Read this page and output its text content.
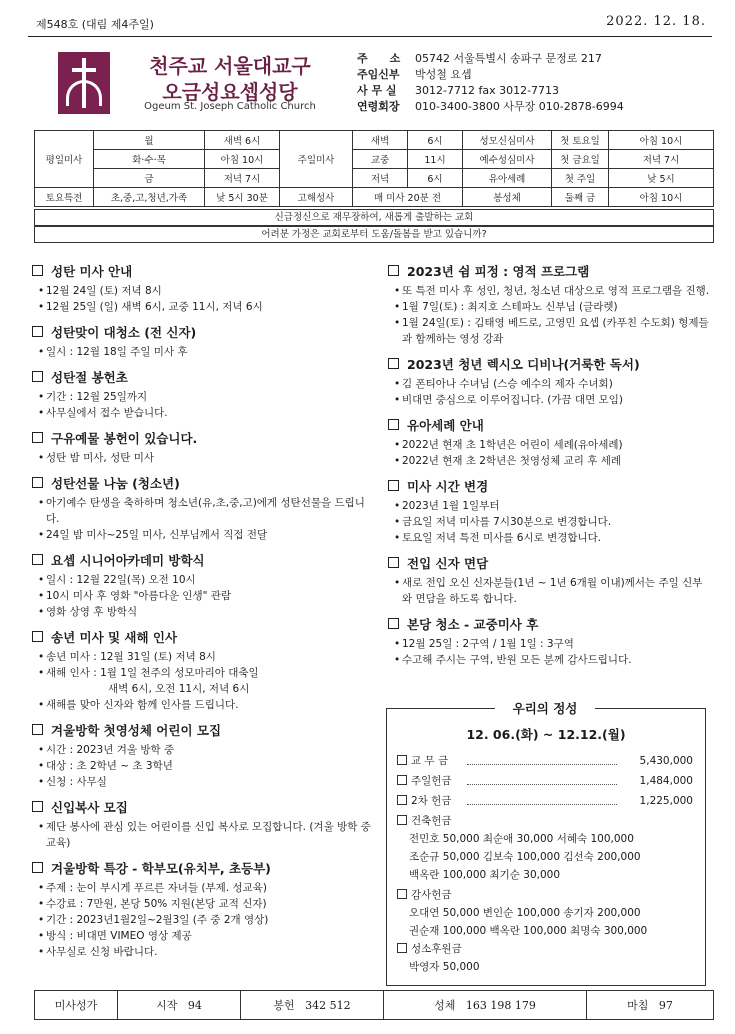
제548호 (대림 제4주일)	2022. 12. 18.
천주교 서울대교구
오금성요셉성당
Ogeum St. Joseph Catholic Church
주　　소 05742 서울특별시 송파구 문정로 217
주임신부 박성철 요셉
사 무 실 3012-7712 fax 3012-7713
연령회장 010-3400-3800 사무장 010-2878-6994
평일미사	월	새벽 6시	주일미사	새벽	6시	성모신심미사	첫 토요일	아침 10시
	화·수·목	아침 10시		교중	11시	예수성심미사	첫 금요일	저녁 7시
	금	저녁 7시		저녁	6시	유아세례	첫 주일	낮 5시
토요특전	초,중,고,청년,가족	낮 5시 30분	고해성사	매 미사 20분 전		봉성체	둘째 금	아침 10시
신급정신으로 재무장하여, 새롭게 출발하는 교회
어려분 가정은 교회로부터 도움/돌봄을 받고 있습니까?
성탄 미사 안내
• 12월 24일 (토) 저녁 8시
• 12월 25일 (일) 새벽 6시, 교중 11시, 저녁 6시
성탄맞이 대청소 (전 신자)
• 일시 : 12월 18일 주일 미사 후
성탄절 봉헌초
• 기간 : 12월 25일까지
• 사무실에서 접수 받습니다.
구유예물 봉헌이 있습니다.
• 성탄 밤 미사, 성탄 미사
성탄선물 나눔 (청소년)
• 아기예수 탄생을 축하하며 청소년(유,초,중,고)에게 성탄선물을 드립니다.
• 24일 밤 미사~25일 미사, 신부님께서 직접 전달
요셉 시니어아카데미 방학식
• 일시 : 12월 22일(목) 오전 10시
• 10시 미사 후 영화 "아름다운 인생" 관람
• 영화 상영 후 방학식
송년 미사 및 새해 인사
• 송년 미사 : 12월 31일 (토) 저녁 8시
• 새해 인사 : 1월 1일 천주의 성모마리아 대축일
새벽 6시, 오전 11시, 저녁 6시
• 새해를 맞아 신자와 함께 인사를 드립니다.
겨울방학 첫영성체 어린이 모집
• 시간 : 2023년 겨울 방학 중
• 대상 : 초 2학년 ~ 초 3학년
• 신청 : 사무실
신입복사 모집
• 제단 봉사에 관심 있는 어린이를 신입 복사로 모집합니다. (겨울 방학 중 교육)
겨울방학 특강 - 학부모(유치부, 초등부)
• 주제 : 눈이 부시게 푸르른 자녀들 (부제. 성교육)
• 수강료 : 7만원, 본당 50% 지원(본당 교적 신자)
• 기간 : 2023년1월2일~2월3일 (주 중 2개 영상)
• 방식 : 비대면 VIMEO 영상 제공
• 사무실로 신청 바랍니다.
2023년 쉼 피정 : 영적 프로그램
• 또 특전 미사 후 성인, 청년, 청소년 대상으로 영적 프로그램을 진행.
• 1월 7일(토) : 최지호 스테파노 신부님 (글라렛)
• 1월 24일(토) : 김태영 베드로, 고영민 요셉 (카푸친 수도회) 형제들과 함께하는 영성 강좌
2023년 청년 렉시오 디비나(거룩한 독서)
• 김 폰티아나 수녀님 (스승 예수의 제자 수녀회)
• 비대면 중심으로 이루어집니다. (가끔 대면 모임)
유아세례 안내
• 2022년 현재 초 1학년은 어린이 세례(유아세례)
• 2022년 현재 초 2학년은 첫영성체 교리 후 세례
미사 시간 변경
• 2023년 1월 1일부터
• 금요일 저녁 미사를 7시30분으로 변경합니다.
• 토요일 저녁 특전 미사를 6시로 변경합니다.
전입 신자 면담
• 새로 전입 오신 신자분들(1년 ~ 1년 6개월 이내)께서는 주일 신부와 면담을 하도록 합니다.
본당 청소 - 교중미사 후
• 12월 25일 : 2구역 / 1월 1일 : 3구역
• 수고해 주시는 구역, 반원 모든 분께 감사드립니다.
우리의 정성
12. 06.(화) ~ 12.12.(월)
교 무 금	5,430,000
주일헌금	1,484,000
2차 헌금	1,225,000
건축헌금
전민호 50,000 최순애 30,000 서혜숙 100,000
조순규 50,000 김보숙 100,000 김선숙 200,000
백옥란 100,000 최기순 30,000
감사헌금
오대연 50,000 변인순 100,000 송기자 200,000
권순재 100,000 백옥란 100,000 최명숙 300,000
성소후원금
박영자 50,000
미사성가	시작 94	봉헌 342 512	성체 163 198 179	마침 97
